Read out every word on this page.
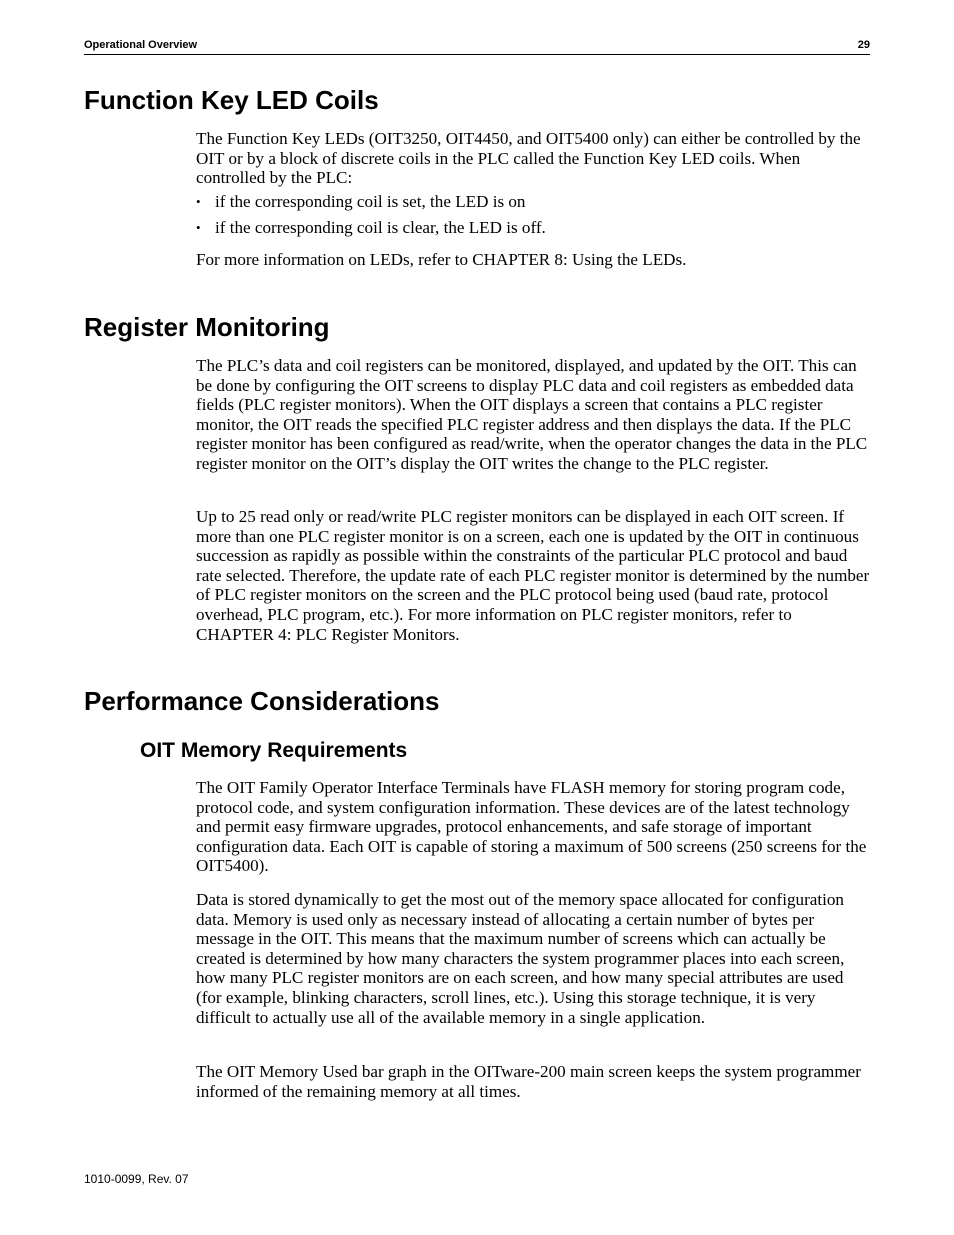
Operational Overview	29
Function Key LED Coils

The Function Key LEDs (OIT3250, OIT4450, and OIT5400 only) can either be controlled by the OIT or by a block of discrete coils in the PLC called the Function Key LED coils. When controlled by the PLC:

• if the corresponding coil is set, the LED is on
• if the corresponding coil is clear, the LED is off.

For more information on LEDs, refer to CHAPTER 8: Using the LEDs.

Register Monitoring

The PLC’s data and coil registers can be monitored, displayed, and updated by the OIT. This can be done by configuring the OIT screens to display PLC data and coil registers as embedded data fields (PLC register monitors). When the OIT displays a screen that contains a PLC register monitor, the OIT reads the specified PLC register address and then displays the data. If the PLC register monitor has been configured as read/write, when the operator changes the data in the PLC register monitor on the OIT’s display the OIT writes the change to the PLC register.

Up to 25 read only or read/write PLC register monitors can be displayed in each OIT screen. If more than one PLC register monitor is on a screen, each one is updated by the OIT in continuous succession as rapidly as possible within the constraints of the particular PLC protocol and baud rate selected. Therefore, the update rate of each PLC register monitor is determined by the number of PLC register monitors on the screen and the PLC protocol being used (baud rate, protocol overhead, PLC program, etc.). For more information on PLC register monitors, refer to CHAPTER 4: PLC Register Monitors.

Performance Considerations
OIT Memory Requirements

The OIT Family Operator Interface Terminals have FLASH memory for storing program code, protocol code, and system configuration information. These devices are of the latest technology and permit easy firmware upgrades, protocol enhancements, and safe storage of important configuration data. Each OIT is capable of storing a maximum of 500 screens (250 screens for the OIT5400).

Data is stored dynamically to get the most out of the memory space allocated for configuration data. Memory is used only as necessary instead of allocating a certain number of bytes per message in the OIT. This means that the maximum number of screens which can actually be created is determined by how many characters the system programmer places into each screen, how many PLC register monitors are on each screen, and how many special attributes are used (for example, blinking characters, scroll lines, etc.). Using this storage technique, it is very difficult to actually use all of the available memory in a single application.

The OIT Memory Used bar graph in the OITware-200 main screen keeps the system programmer informed of the remaining memory at all times.

1010-0099, Rev. 07
